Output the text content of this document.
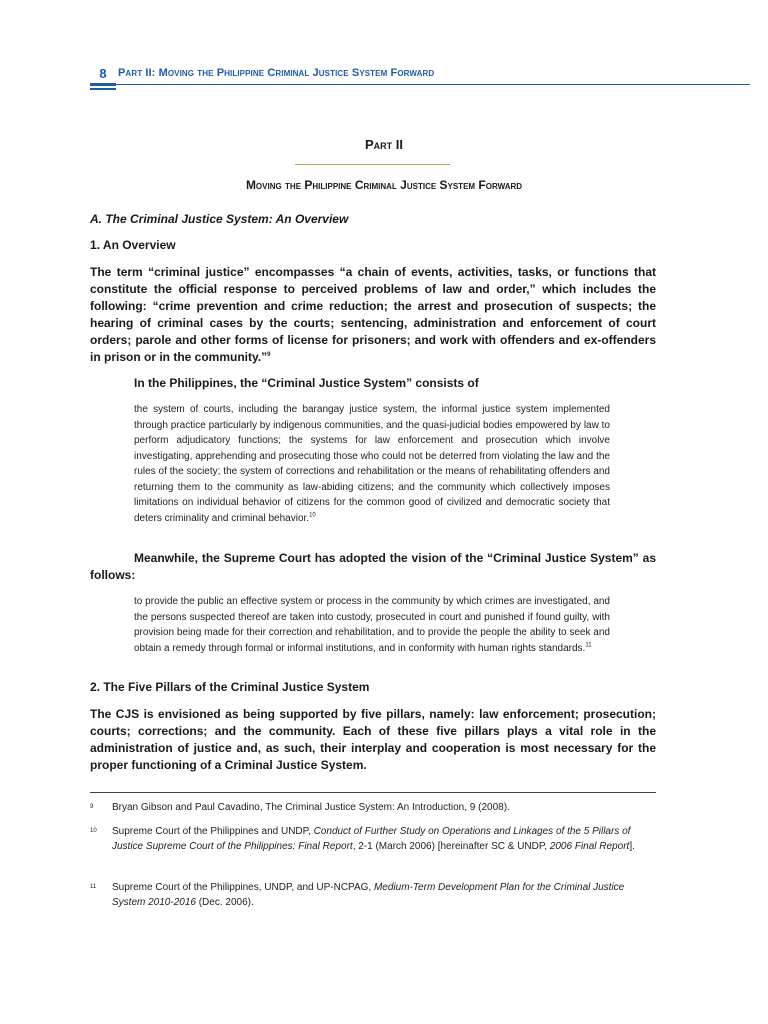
8	Part II: Moving the Philippine Criminal Justice System Forward
Part II
Moving the Philippine Criminal Justice System Forward
A. The Criminal Justice System: An Overview
1. An Overview

The term “criminal justice” encompasses “a chain of events, activities, tasks, or functions that constitute the official response to perceived problems of law and order,” which includes the following: “crime prevention and crime reduction; the arrest and prosecution of suspects; the hearing of criminal cases by the courts; sentencing, administration and enforcement of court orders; parole and other forms of license for prisoners; and work with offenders and ex-offenders in prison or in the community.”$^9$

In the Philippines, the “Criminal Justice System” consists of

the system of courts, including the barangay justice system, the informal justice system implemented through practice particularly by indigenous communities, and the quasi-judicial bodies empowered by law to perform adjudicatory functions; the systems for law enforcement and prosecution which involve investigating, apprehending and prosecuting those who could not be deterred from violating the law and the rules of the society; the system of corrections and rehabilitation or the means of rehabilitating offenders and returning them to the community as law-abiding citizens; and the community which collectively imposes limitations on individual behavior of citizens for the common good of civilized and democratic society that deters criminality and criminal behavior.$^{10}$

Meanwhile, the Supreme Court has adopted the vision of the “Criminal Justice System” as follows:

to provide the public an effective system or process in the community by which crimes are investigated, and the persons suspected thereof are taken into custody, prosecuted in court and punished if found guilty, with provision being made for their correction and rehabilitation, and to provide the people the ability to seek and obtain a remedy through formal or informal institutions, and in conformity with human rights standards.$^{11}$

2. The Five Pillars of the Criminal Justice System

The CJS is envisioned as being supported by five pillars, namely: law enforcement; prosecution; courts; corrections; and the community. Each of these five pillars plays a vital role in the administration of justice and, as such, their interplay and cooperation is most necessary for the proper functioning of a Criminal Justice System.

9 Bryan Gibson and Paul Cavadino, The Criminal Justice System: An Introduction, 9 (2008).
10 Supreme Court of the Philippines and UNDP, Conduct of Further Study on Operations and Linkages of the 5 Pillars of Justice Supreme Court of the Philippines: Final Report, 2-1 (March 2006) [hereinafter SC & UNDP, 2006 Final Report].
11 Supreme Court of the Philippines, UNDP, and UP-NCPAG, Medium-Term Development Plan for the Criminal Justice System 2010-2016 (Dec. 2006).
